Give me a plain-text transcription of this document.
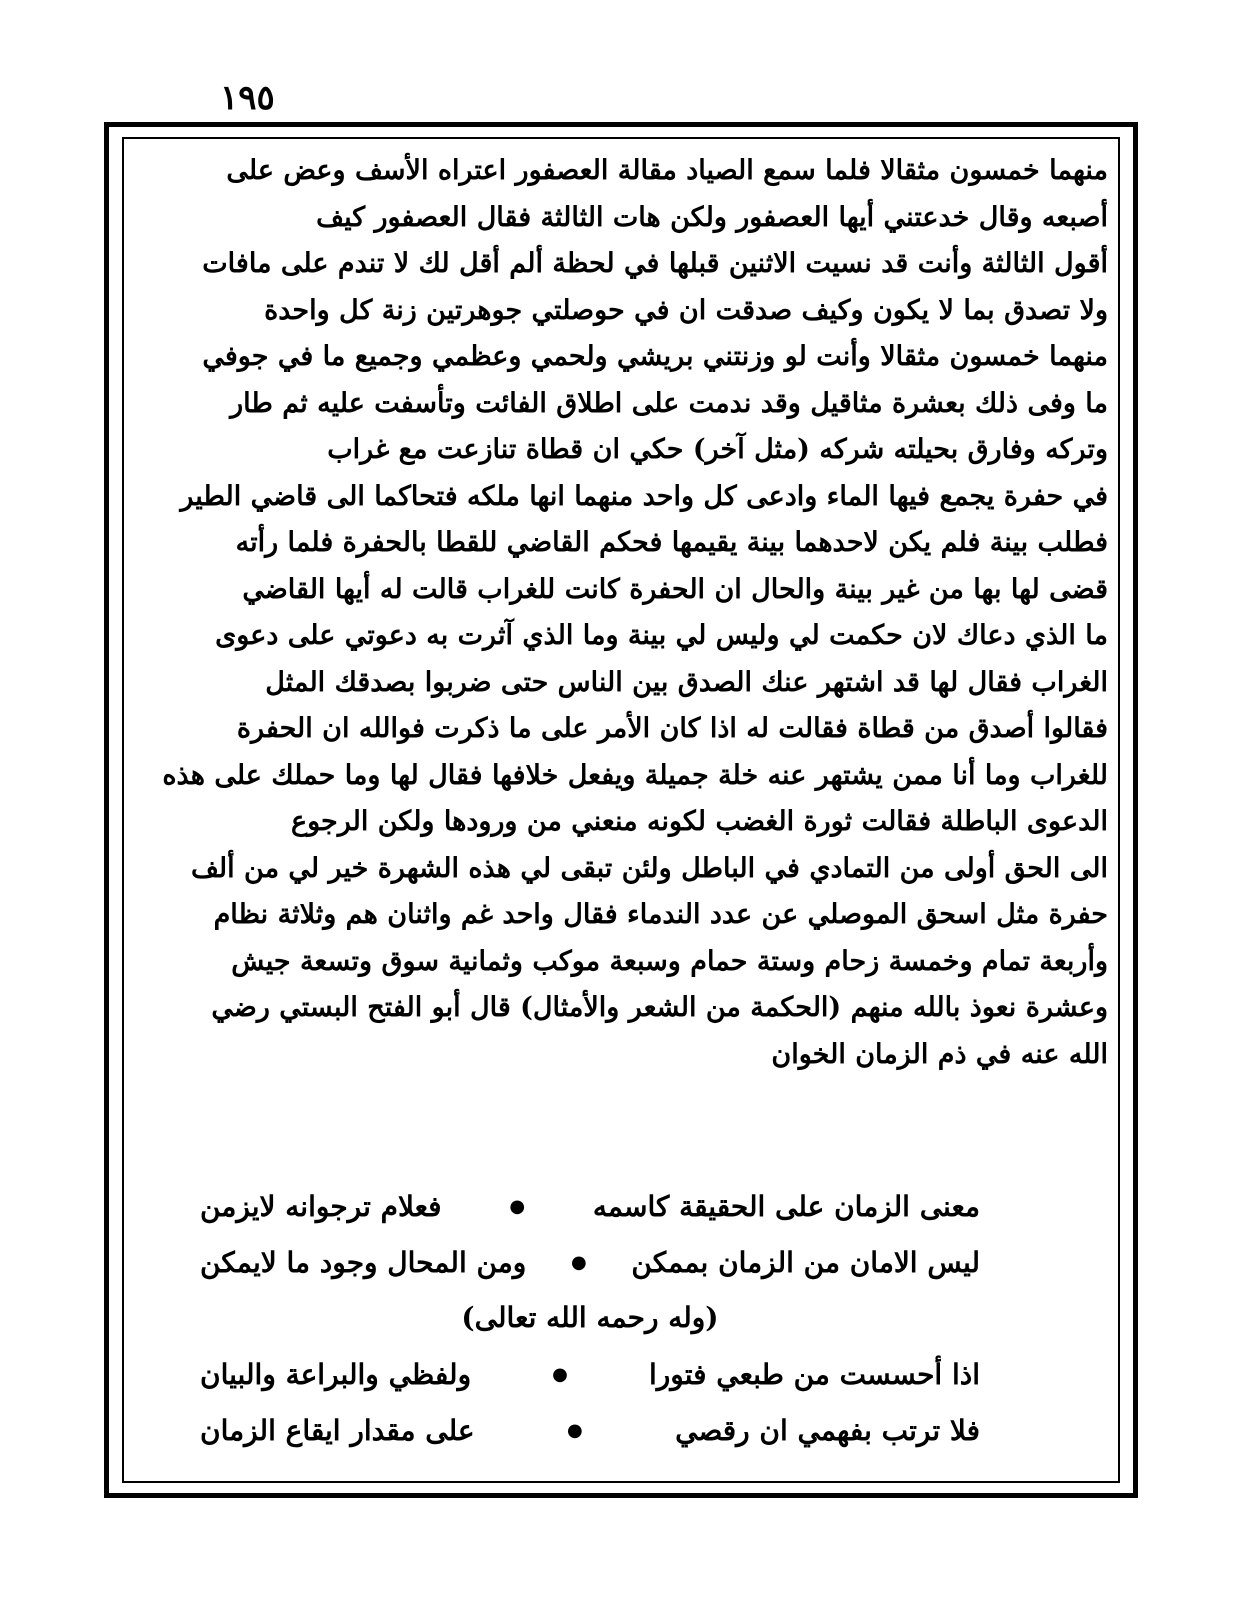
١٩٥
منهما خمسون مثقالا فلما سمع الصياد مقالة العصفور اعتراه الأسف وعض على
أصبعه وقال خدعتني أيها العصفور ولكن هات الثالثة فقال العصفور كيف
أقول الثالثة وأنت قد نسيت الاثنين قبلها في لحظة ألم أقل لك لا تندم على مافات
ولا تصدق بما لا يكون وكيف صدقت ان في حوصلتي جوهرتين زنة كل واحدة
منهما خمسون مثقالا وأنت لو وزنتني بريشي ولحمي وعظمي وجميع ما في جوفي
ما وفى ذلك بعشرة مثاقيل وقد ندمت على اطلاق الفائت وتأسفت عليه ثم طار
وتركه وفارق بحيلته شركه (مثل آخر) حكي ان قطاة تنازعت مع غراب
في حفرة يجمع فيها الماء وادعى كل واحد منهما انها ملكه فتحاكما الى قاضي الطير
فطلب بينة فلم يكن لاحدهما بينة يقيمها فحكم القاضي للقطا بالحفرة فلما رأته
قضى لها بها من غير بينة والحال ان الحفرة كانت للغراب قالت له أيها القاضي
ما الذي دعاك لان حكمت لي وليس لي بينة وما الذي آثرت به دعوتي على دعوى
الغراب فقال لها قد اشتهر عنك الصدق بين الناس حتى ضربوا بصدقك المثل
فقالوا أصدق من قطاة فقالت له اذا كان الأمر على ما ذكرت فوالله ان الحفرة
للغراب وما أنا ممن يشتهر عنه خلة جميلة ويفعل خلافها فقال لها وما حملك على هذه
الدعوى الباطلة فقالت ثورة الغضب لكونه منعني من ورودها ولكن الرجوع
الى الحق أولى من التمادي في الباطل ولئن تبقى لي هذه الشهرة خير لي من ألف
حفرة مثل اسحق الموصلي عن عدد الندماء فقال واحد غم واثنان هم وثلاثة نظام
وأربعة تمام وخمسة زحام وستة حمام وسبعة موكب وثمانية سوق وتسعة جيش
وعشرة نعوذ بالله منهم (الحكمة من الشعر والأمثال) قال أبو الفتح البستي رضي
الله عنه في ذم الزمان الخوان
معنى الزمان على الحقيقة كاسمه
●
فعلام ترجوانه لايزمن
ليس الامان من الزمان بممكن
●
ومن المحال وجود ما لايمكن
(وله رحمه الله تعالى)
اذا أحسست من طبعي فتورا
●
ولفظي والبراعة والبيان
فلا ترتب بفهمي ان رقصي
●
على مقدار ايقاع الزمان
